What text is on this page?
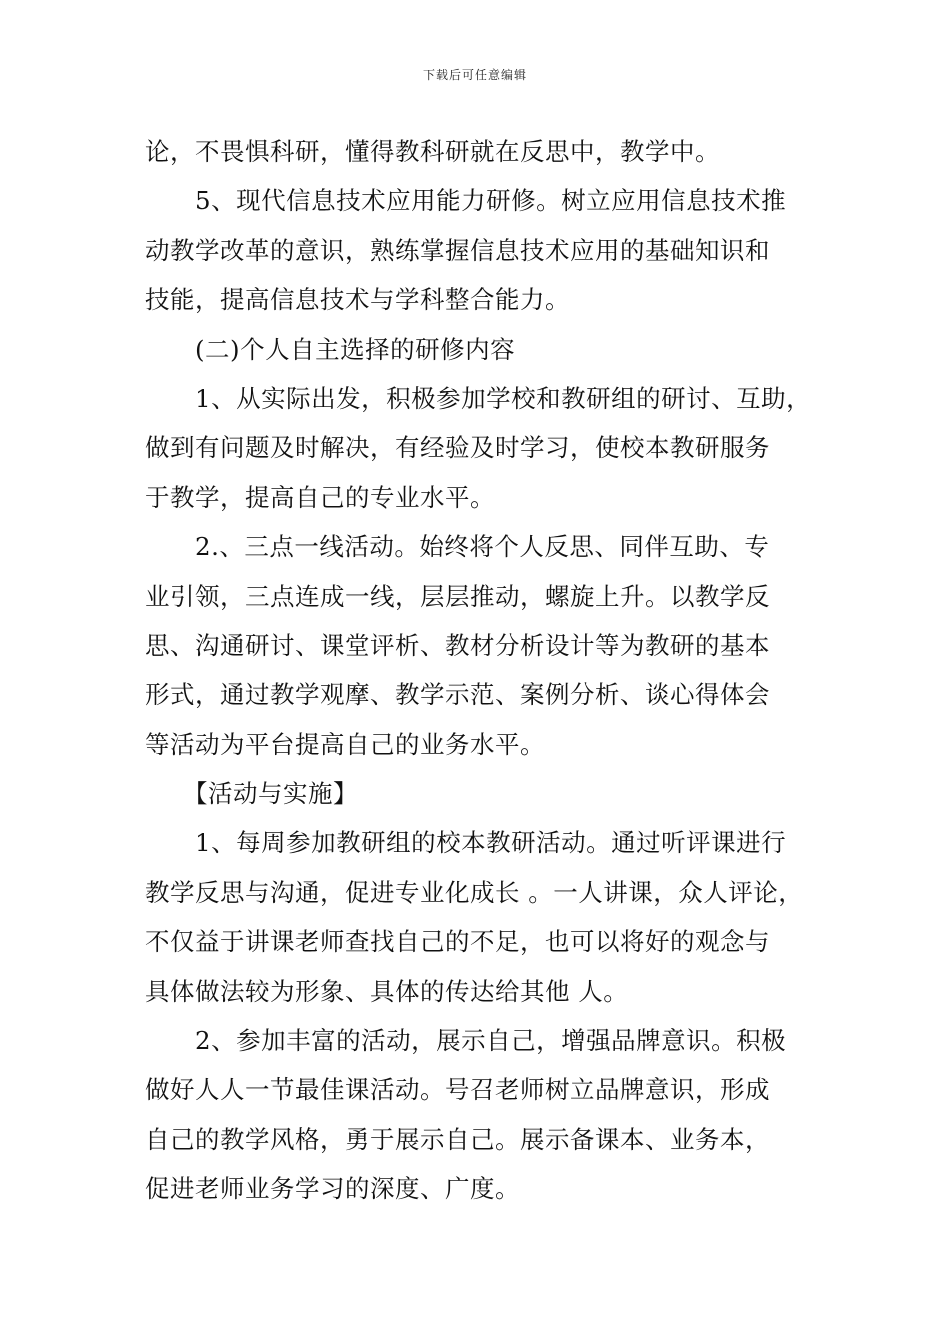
下载后可任意编辑
论，不畏惧科研，懂得教科研就在反思中，教学中。
5、现代信息技术应用能力研修。树立应用信息技术推
动教学改革的意识，熟练掌握信息技术应用的基础知识和
技能，提高信息技术与学科整合能力。
(二)个人自主选择的研修内容
1、从实际出发，积极参加学校和教研组的研讨、互助，
做到有问题及时解决，有经验及时学习，使校本教研服务
于教学，提高自己的专业水平。
2.、三点一线活动。始终将个人反思、同伴互助、专
业引领，三点连成一线，层层推动，螺旋上升。以教学反
思、沟通研讨、课堂评析、教材分析设计等为教研的基本
形式，通过教学观摩、教学示范、案例分析、谈心得体会
等活动为平台提高自己的业务水平。
【活动与实施】
1、每周参加教研组的校本教研活动。通过听评课进行
教学反思与沟通，促进专业化成长 。一人讲课，众人评论，
不仅益于讲课老师查找自己的不足，也可以将好的观念与
具体做法较为形象、具体的传达给其他 人。
2、参加丰富的活动，展示自己，增强品牌意识。积极
做好人人一节最佳课活动。号召老师树立品牌意识，形成
自己的教学风格，勇于展示自己。展示备课本、业务本，
促进老师业务学习的深度、广度。
